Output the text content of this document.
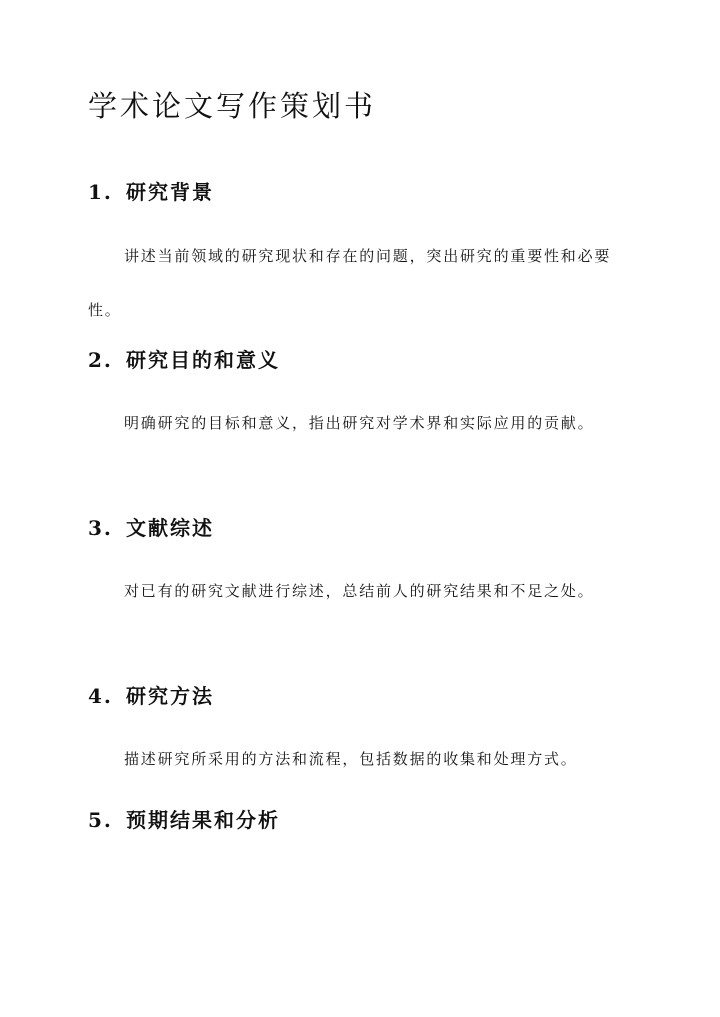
学术论文写作策划书
1. 研究背景

讲述当前领域的研究现状和存在的问题，突出研究的重要性和必要性。

2. 研究目的和意义

明确研究的目标和意义，指出研究对学术界和实际应用的贡献。

3. 文献综述

对已有的研究文献进行综述，总结前人的研究结果和不足之处。

4. 研究方法

描述研究所采用的方法和流程，包括数据的收集和处理方式。

5. 预期结果和分析
